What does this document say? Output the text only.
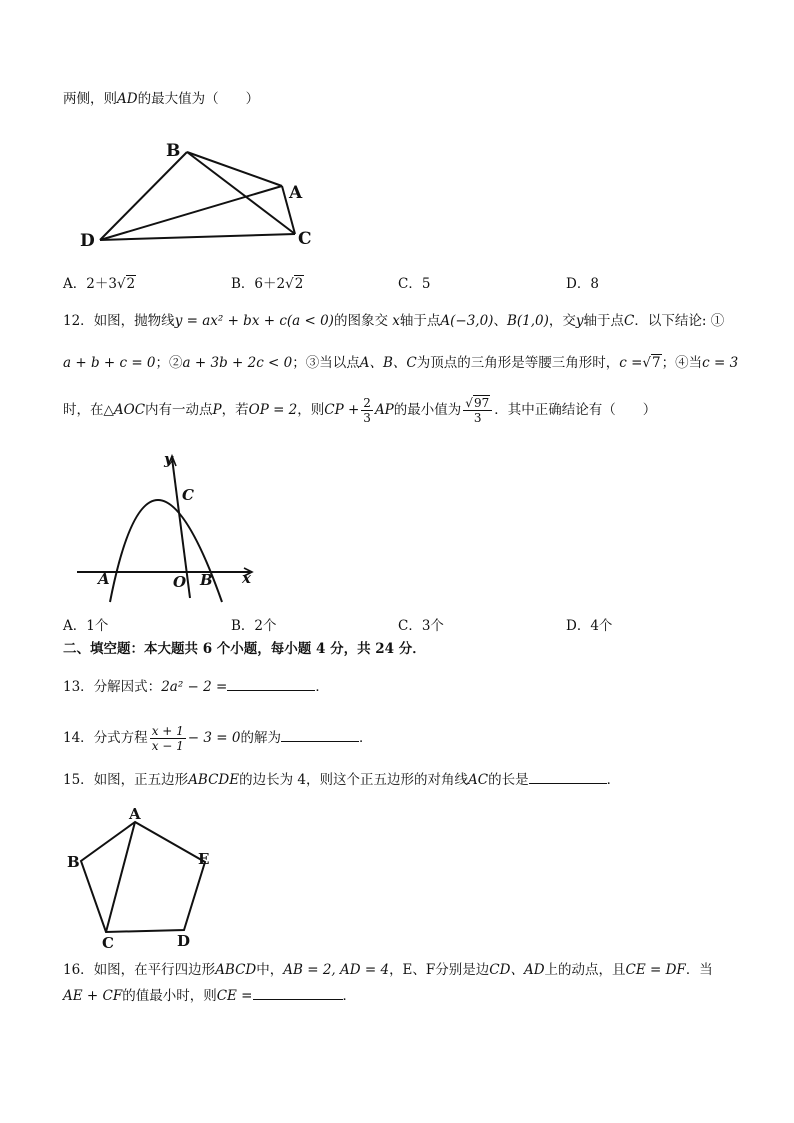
两侧，则AD的最大值为（　　）
B
A
D	C
A．2＋3√2	B．6＋2√2	C．5	D．8
12．如图，抛物线y = ax² + bx + c(a < 0)的图象交 x轴于点A(−3,0)、B(1,0)，交y轴于点C．以下结论: ①
a + b + c = 0；②a + 3b + 2c < 0；③当以点A、B、C为顶点的三角形是等腰三角形时，c =√7；④当c = 3
时，在△AOC内有一动点P，若OP = 2，则CP + $\frac{2}{3}$ AP的最小值为 $\frac{√97}{3}$ ．其中正确结论有（　　）
y
C
A	O B x
A．1个	B．2个	C．3个	D．4个
二、填空题：本大题共 6 个小题，每小题 4 分，共 24 分．
13．分解因式：2a² − 2 =	．
14．分式方程 $\frac{x + 1}{x - 1} - 3 = 0$的解为	．
15．如图，正五边形ABCDE的边长为 4，则这个正五边形的对角线AC的长是	．
A
B	E
C	D
16．如图，在平行四边形ABCD中，AB = 2, AD = 4，E、F分别是边CD、AD上的动点，且CE = DF．当
AE + CF的值最小时，则CE =	．
